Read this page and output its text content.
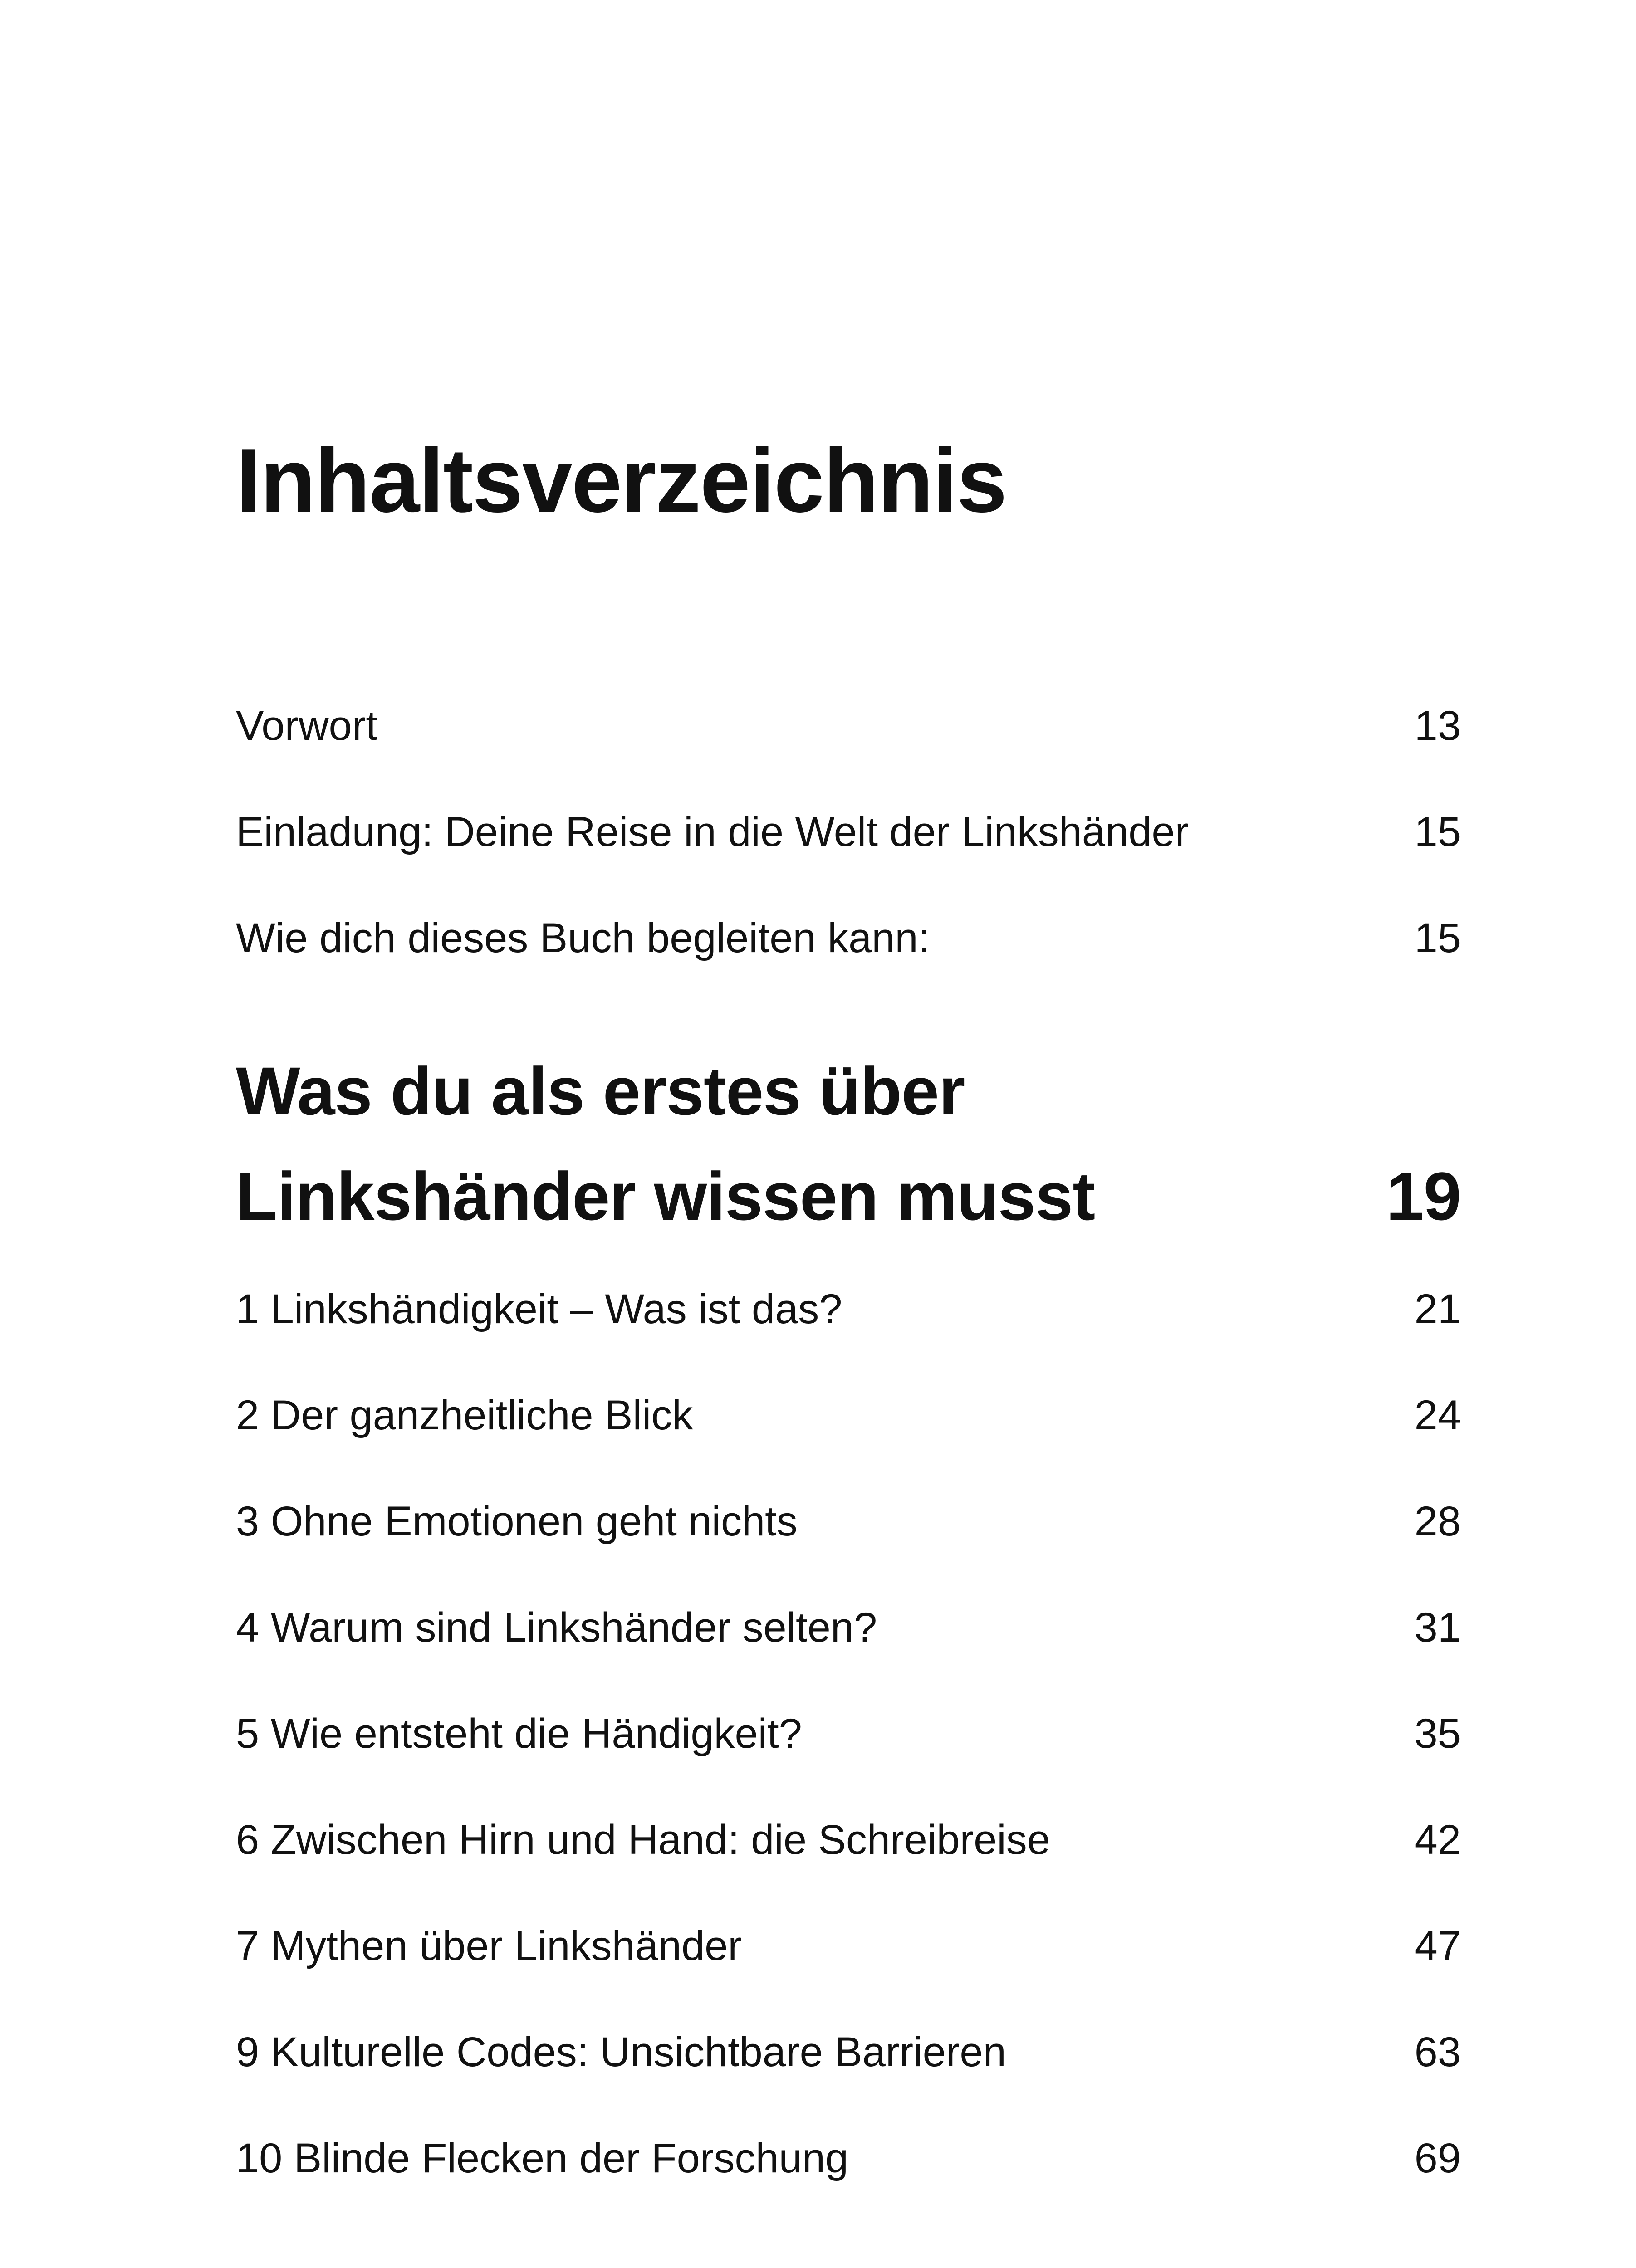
Inhaltsverzeichnis
Vorwort	13
Einladung: Deine Reise in die Welt der Linkshänder	15
Wie dich dieses Buch begleiten kann:	15
Was du als erstes über
Linkshänder wissen musst	19
1 Linkshändigkeit – Was ist das?	21
2 Der ganzheitliche Blick	24
3 Ohne Emotionen geht nichts	28
4 Warum sind Linkshänder selten?	31
5 Wie entsteht die Händigkeit?	35
6 Zwischen Hirn und Hand: die Schreibreise	42
7 Mythen über Linkshänder	47
9 Kulturelle Codes: Unsichtbare Barrieren	63
10 Blinde Flecken der Forschung	69
